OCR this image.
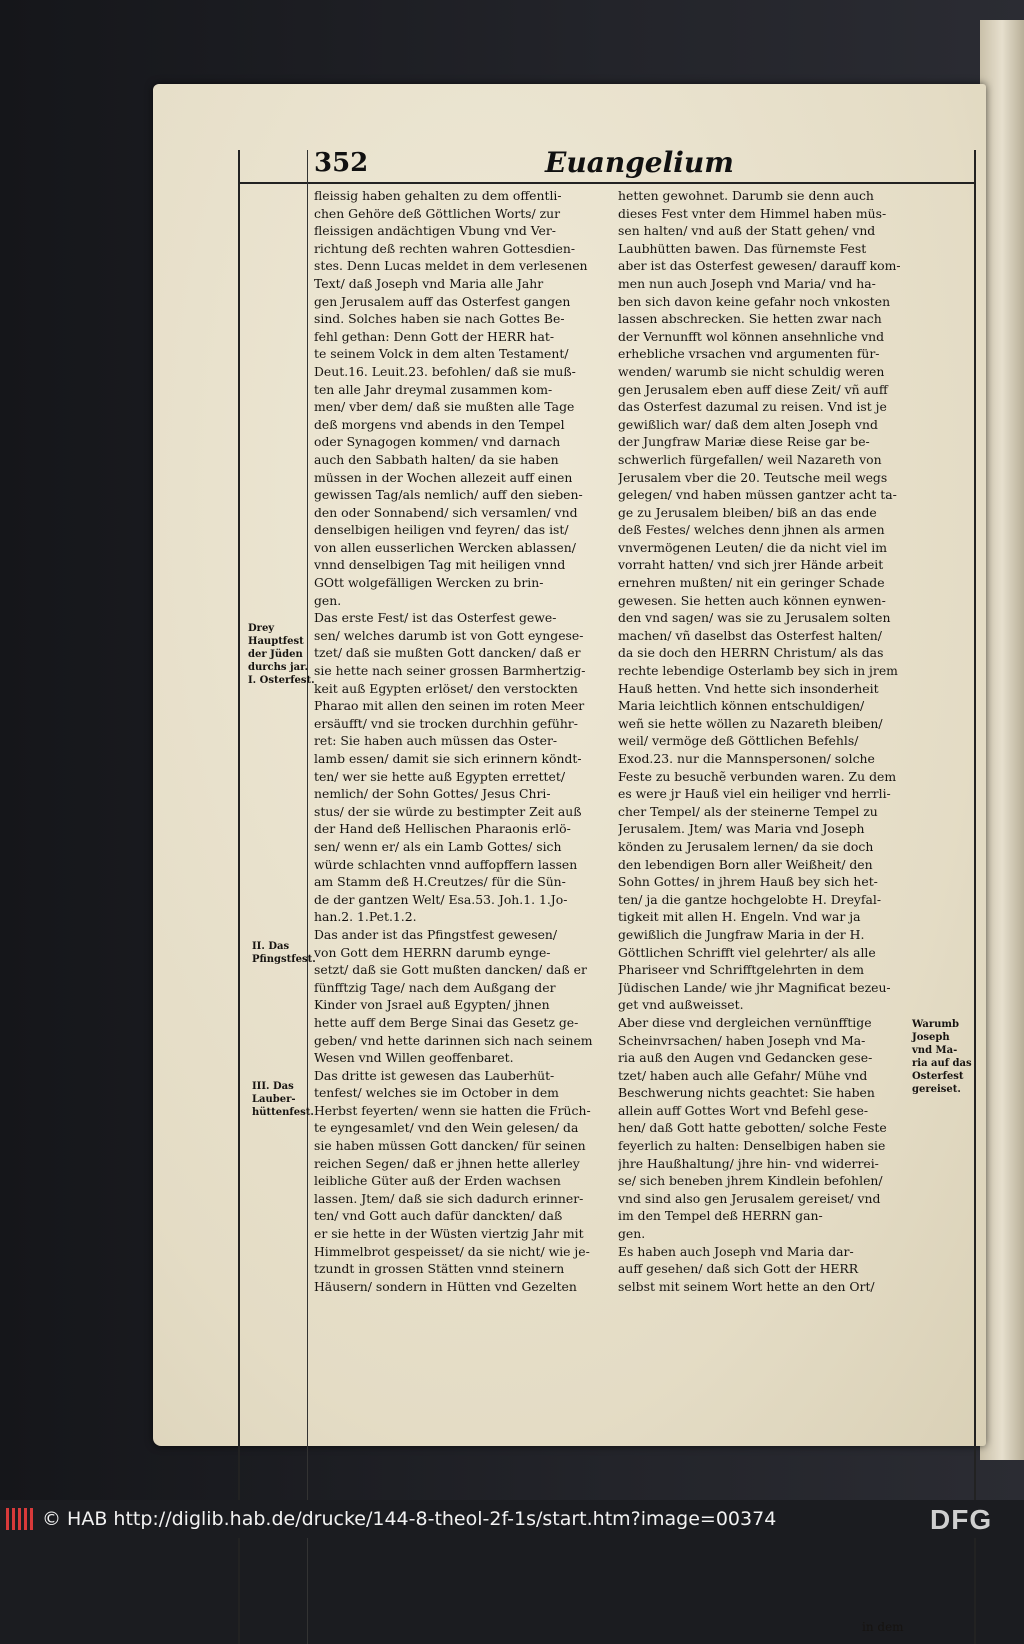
352	Euangelium
fleissig haben gehalten zu dem offentli-
chen Gehöre deß Göttlichen Worts/ zur
fleissigen andächtigen Vbung vnd Ver-
richtung deß rechten wahren Gottesdien-
stes. Denn Lucas meldet in dem verlesenen
Text/ daß Joseph vnd Maria alle Jahr
gen Jerusalem auff das Osterfest gangen
sind. Solches haben sie nach Gottes Be-
fehl gethan: Denn Gott der HERR hat-
te seinem Volck in dem alten Testament/
Deut.16. Leuit.23. befohlen/ daß sie muß-
ten alle Jahr dreymal zusammen kom-
men/ vber dem/ daß sie mußten alle Tage
deß morgens vnd abends in den Tempel
oder Synagogen kommen/ vnd darnach
auch den Sabbath halten/ da sie haben
müssen in der Wochen allezeit auff einen
gewissen Tag/als nemlich/ auff den sieben-
den oder Sonnabend/ sich versamlen/ vnd
denselbigen heiligen vnd feyren/ das ist/
von allen eusserlichen Wercken ablassen/
vnnd denselbigen Tag mit heiligen vnnd
GOtt wolgefälligen Wercken zu brin-
gen.
Das erste Fest/ ist das Osterfest gewe-
sen/ welches darumb ist von Gott eyngese-
tzet/ daß sie mußten Gott dancken/ daß er
sie hette nach seiner grossen Barmhertzig-
keit auß Egypten erlöset/ den verstockten
Pharao mit allen den seinen im roten Meer
ersäufft/ vnd sie trocken durchhin geführ-
ret: Sie haben auch müssen das Oster-
lamb essen/ damit sie sich erinnern köndt-
ten/ wer sie hette auß Egypten errettet/
nemlich/ der Sohn Gottes/ Jesus Chri-
stus/ der sie würde zu bestimpter Zeit auß
der Hand deß Hellischen Pharaonis erlö-
sen/ wenn er/ als ein Lamb Gottes/ sich
würde schlachten vnnd auffopffern lassen
am Stamm deß H.Creutzes/ für die Sün-
de der gantzen Welt/ Esa.53. Joh.1. 1.Jo-
han.2. 1.Pet.1.2.
Das ander ist das Pfingstfest gewesen/
von Gott dem HERRN darumb eynge-
setzt/ daß sie Gott mußten dancken/ daß er
fünfftzig Tage/ nach dem Außgang der
Kinder von Jsrael auß Egypten/ jhnen
hette auff dem Berge Sinai das Gesetz ge-
geben/ vnd hette darinnen sich nach seinem
Wesen vnd Willen geoffenbaret.
Das dritte ist gewesen das Lauberhüt-
tenfest/ welches sie im October in dem
Herbst feyerten/ wenn sie hatten die Früch-
te eyngesamlet/ vnd den Wein gelesen/ da
sie haben müssen Gott dancken/ für seinen
reichen Segen/ daß er jhnen hette allerley
leibliche Güter auß der Erden wachsen
lassen. Jtem/ daß sie sich dadurch erinner-
ten/ vnd Gott auch dafür danckten/ daß
er sie hette in der Wüsten viertzig Jahr mit
Himmelbrot gespeisset/ da sie nicht/ wie je-
tzundt in grossen Stätten vnnd steinern
Häusern/ sondern in Hütten vnd Gezelten
hetten gewohnet. Darumb sie denn auch
dieses Fest vnter dem Himmel haben müs-
sen halten/ vnd auß der Statt gehen/ vnd
Laubhütten bawen. Das fürnemste Fest
aber ist das Osterfest gewesen/ darauff kom-
men nun auch Joseph vnd Maria/ vnd ha-
ben sich davon keine gefahr noch vnkosten
lassen abschrecken. Sie hetten zwar nach
der Vernunfft wol können ansehnliche vnd
erhebliche vrsachen vnd argumenten für-
wenden/ warumb sie nicht schuldig weren
gen Jerusalem eben auff diese Zeit/ vñ auff
das Osterfest dazumal zu reisen. Vnd ist je
gewißlich war/ daß dem alten Joseph vnd
der Jungfraw Mariæ diese Reise gar be-
schwerlich fürgefallen/ weil Nazareth von
Jerusalem vber die 20. Teutsche meil wegs
gelegen/ vnd haben müssen gantzer acht ta-
ge zu Jerusalem bleiben/ biß an das ende
deß Festes/ welches denn jhnen als armen
vnvermögenen Leuten/ die da nicht viel im
vorraht hatten/ vnd sich jrer Hände arbeit
ernehren mußten/ nit ein geringer Schade
gewesen. Sie hetten auch können eynwen-
den vnd sagen/ was sie zu Jerusalem solten
machen/ vñ daselbst das Osterfest halten/
da sie doch den HERRN Christum/ als das
rechte lebendige Osterlamb bey sich in jrem
Hauß hetten. Vnd hette sich insonderheit
Maria leichtlich können entschuldigen/
weñ sie hette wöllen zu Nazareth bleiben/
weil/ vermöge deß Göttlichen Befehls/
Exod.23. nur die Mannspersonen/ solche
Feste zu besuchẽ verbunden waren. Zu dem
es were jr Hauß viel ein heiliger vnd herrli-
cher Tempel/ als der steinerne Tempel zu
Jerusalem. Jtem/ was Maria vnd Joseph
könden zu Jerusalem lernen/ da sie doch
den lebendigen Born aller Weißheit/ den
Sohn Gottes/ in jhrem Hauß bey sich het-
ten/ ja die gantze hochgelobte H. Dreyfal-
tigkeit mit allen H. Engeln. Vnd war ja
gewißlich die Jungfraw Maria in der H.
Göttlichen Schrifft viel gelehrter/ als alle
Phariseer vnd Schrifftgelehrten in dem
Jüdischen Lande/ wie jhr Magnificat bezeu-
get vnd außweisset.
Aber diese vnd dergleichen vernünfftige
Scheinvrsachen/ haben Joseph vnd Ma-
ria auß den Augen vnd Gedancken gese-
tzet/ haben auch alle Gefahr/ Mühe vnd
Beschwerung nichts geachtet: Sie haben
allein auff Gottes Wort vnd Befehl gese-
hen/ daß Gott hatte gebotten/ solche Feste
feyerlich zu halten: Denselbigen haben sie
jhre Haußhaltung/ jhre hin- vnd widerrei-
se/ sich beneben jhrem Kindlein befohlen/
vnd sind also gen Jerusalem gereiset/ vnd
im den Tempel deß HERRN gan-
gen.
Es haben auch Joseph vnd Maria dar-
auff gesehen/ daß sich Gott der HERR
selbst mit seinem Wort hette an den Ort/
Drey
Hauptfest
der Jüden
durchs jar.
I. Osterfest.
II. Das
Pfingstfest.
III. Das
Lauber-
hüttenfest.
Warumb
Joseph
vnd Ma-
ria auf das
Osterfest
gereiset.
in dem
© HAB http://diglib.hab.de/drucke/144-8-theol-2f-1s/start.htm?image=00374	DFG
